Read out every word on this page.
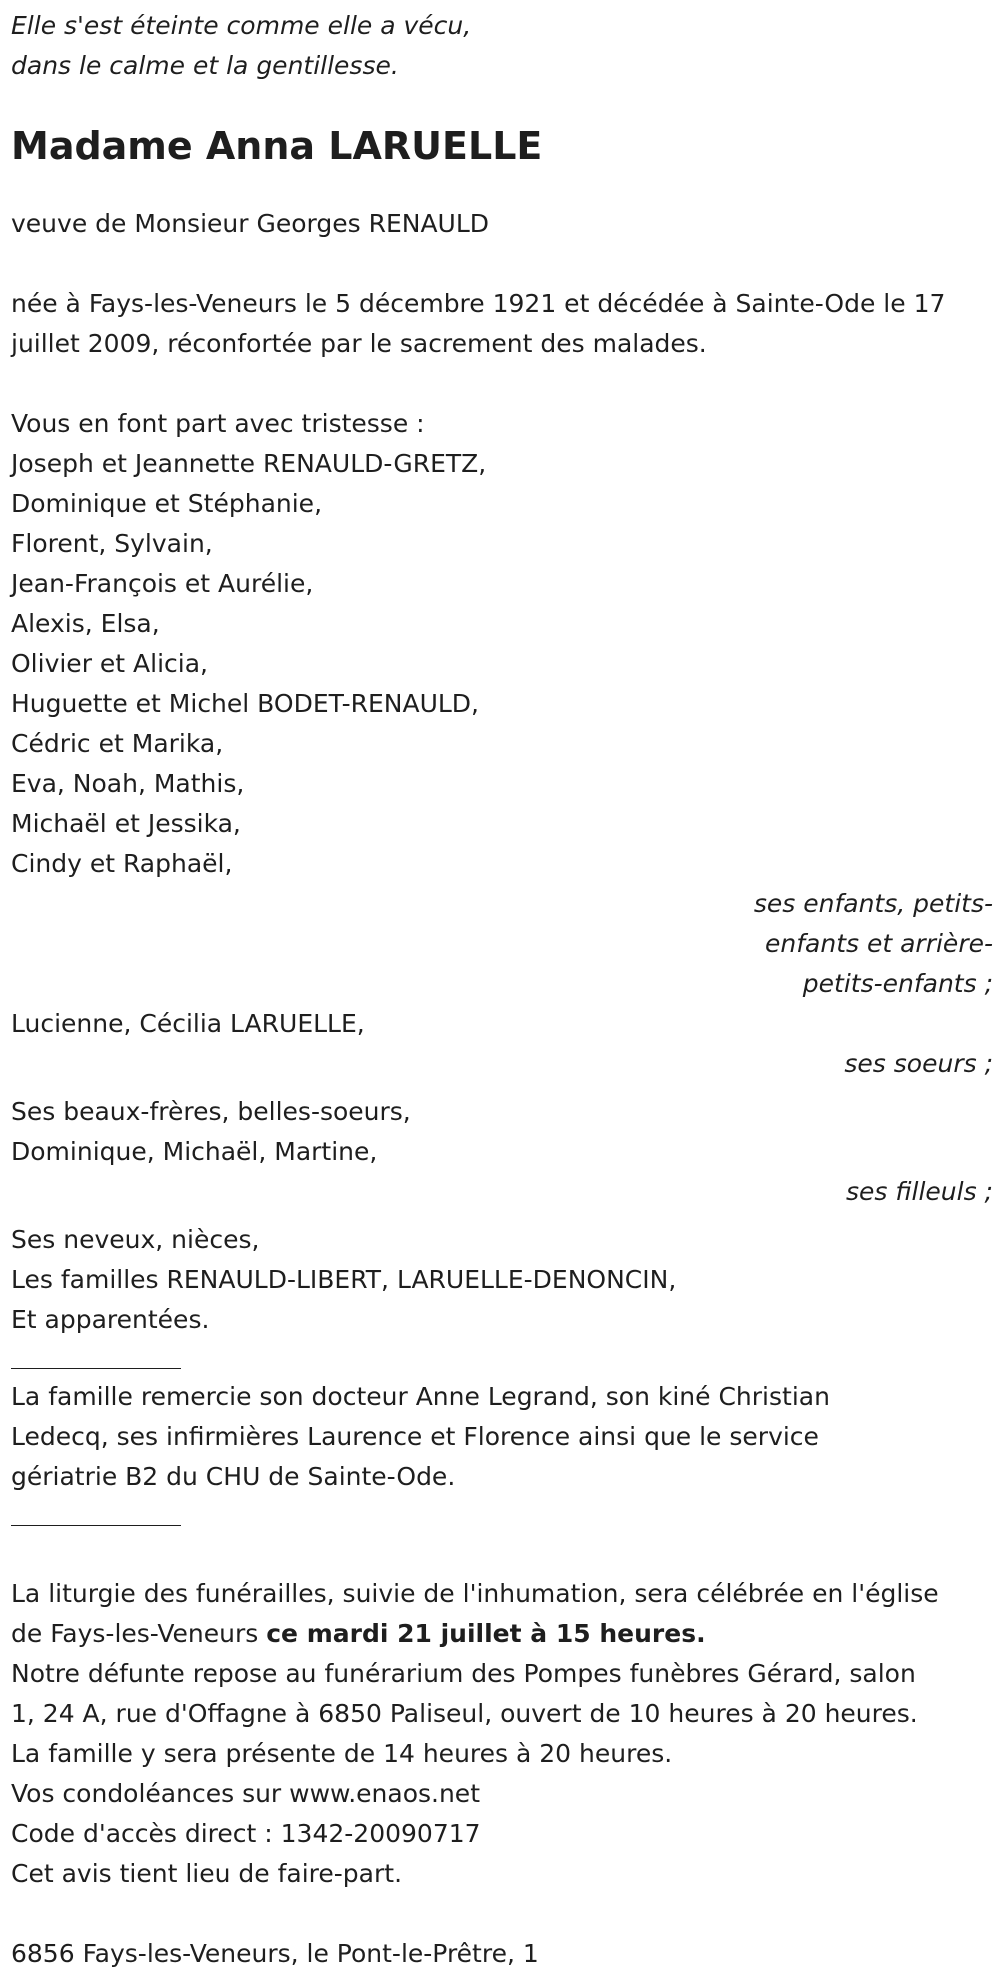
Elle s'est éteinte comme elle a vécu,
dans le calme et la gentillesse.
Madame Anna LARUELLE
veuve de Monsieur Georges RENAULD
née à Fays-les-Veneurs le 5 décembre 1921 et décédée à Sainte-Ode le 17
juillet 2009, réconfortée par le sacrement des malades.
Vous en font part avec tristesse :
Joseph et Jeannette RENAULD-GRETZ,
Dominique et Stéphanie,
Florent, Sylvain,
Jean-François et Aurélie,
Alexis, Elsa,
Olivier et Alicia,
Huguette et Michel BODET-RENAULD,
Cédric et Marika,
Eva, Noah, Mathis,
Michaël et Jessika,
Cindy et Raphaël,
ses enfants, petits-
enfants et arrière-
petits-enfants ;
Lucienne, Cécilia LARUELLE,
ses soeurs ;
Ses beaux-frères, belles-soeurs,
Dominique, Michaël, Martine,
ses filleuls ;
Ses neveux, nièces,
Les familles RENAULD-LIBERT, LARUELLE-DENONCIN,
Et apparentées.
La famille remercie son docteur Anne Legrand, son kiné Christian
Ledecq, ses infirmières Laurence et Florence ainsi que le service
gériatrie B2 du CHU de Sainte-Ode.
La liturgie des funérailles, suivie de l'inhumation, sera célébrée en l'église
de Fays-les-Veneurs ce mardi 21 juillet à 15 heures.
Notre défunte repose au funérarium des Pompes funèbres Gérard, salon
1, 24 A, rue d'Offagne à 6850 Paliseul, ouvert de 10 heures à 20 heures.
La famille y sera présente de 14 heures à 20 heures.
Vos condoléances sur www.enaos.net
Code d'accès direct : 1342-20090717
Cet avis tient lieu de faire-part.
6856 Fays-les-Veneurs, le Pont-le-Prêtre, 1
